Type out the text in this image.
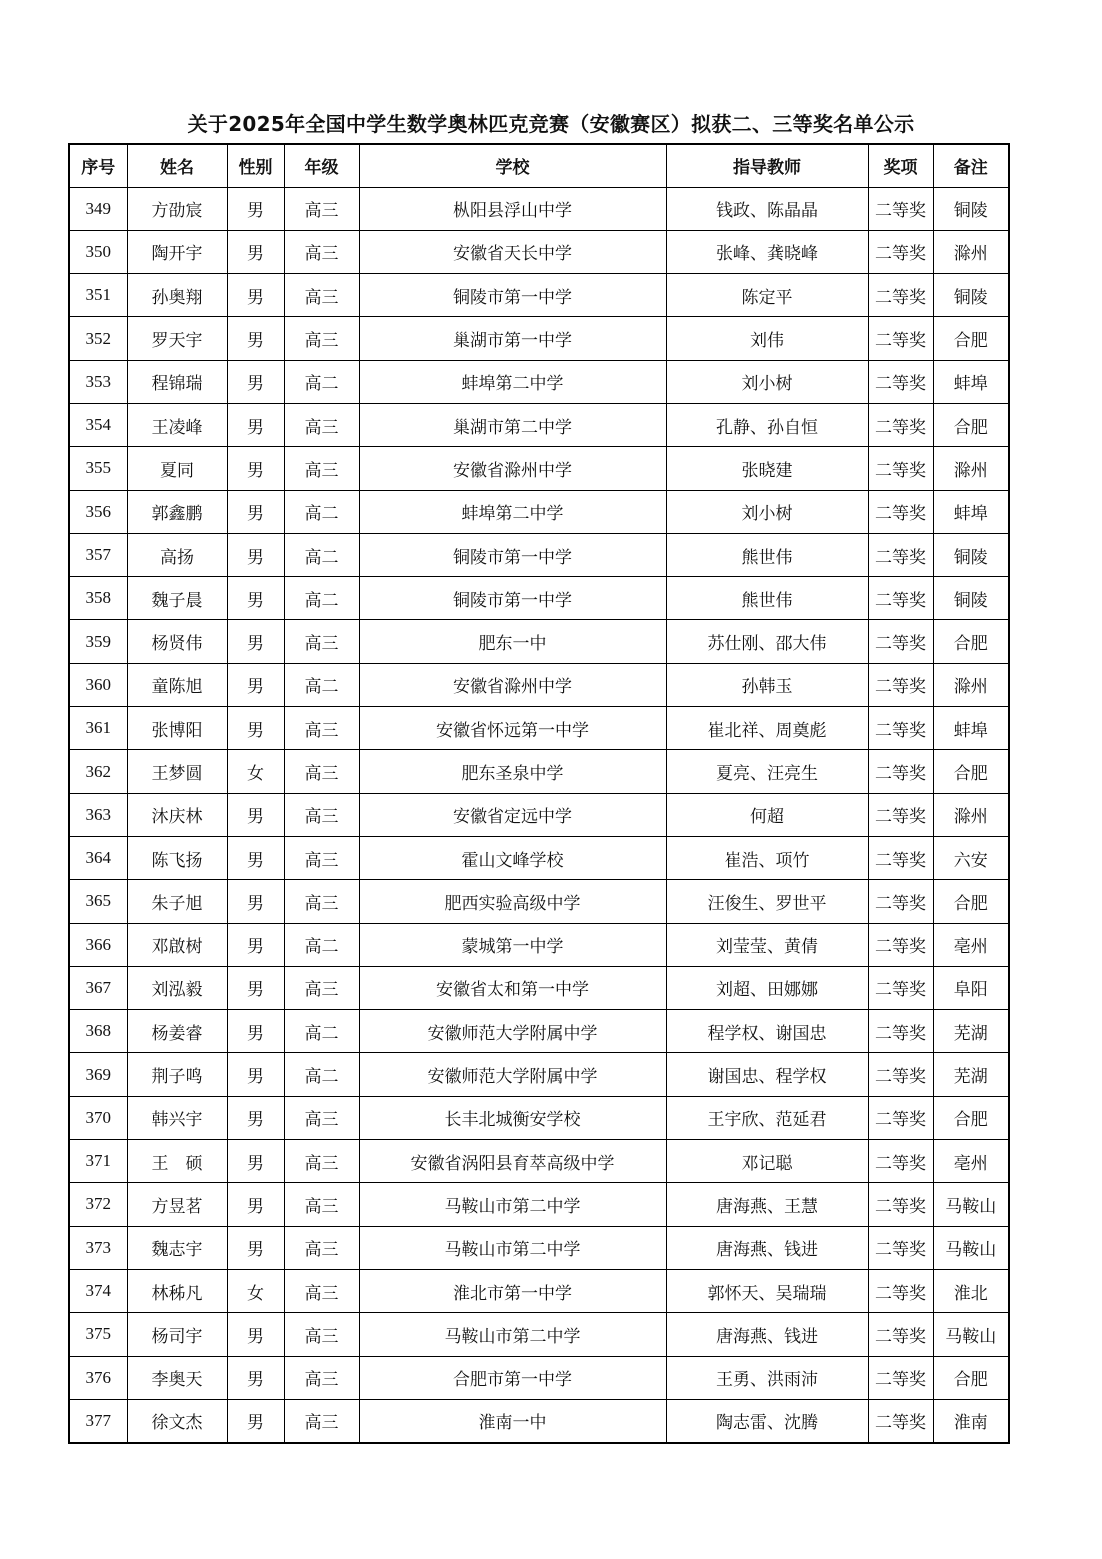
关于2025年全国中学生数学奥林匹克竞赛（安徽赛区）拟获二、三等奖名单公示
序号	姓名	性别	年级	学校	指导教师	奖项	备注
349	方劭宸	男	高三	枞阳县浮山中学	钱政、陈晶晶	二等奖	铜陵
350	陶开宇	男	高三	安徽省天长中学	张峰、龚晓峰	二等奖	滁州
351	孙奥翔	男	高三	铜陵市第一中学	陈定平	二等奖	铜陵
352	罗天宇	男	高三	巢湖市第一中学	刘伟	二等奖	合肥
353	程锦瑞	男	高二	蚌埠第二中学	刘小树	二等奖	蚌埠
354	王凌峰	男	高三	巢湖市第二中学	孔静、孙自恒	二等奖	合肥
355	夏同	男	高三	安徽省滁州中学	张晓建	二等奖	滁州
356	郭鑫鹏	男	高二	蚌埠第二中学	刘小树	二等奖	蚌埠
357	高扬	男	高二	铜陵市第一中学	熊世伟	二等奖	铜陵
358	魏子晨	男	高二	铜陵市第一中学	熊世伟	二等奖	铜陵
359	杨贤伟	男	高三	肥东一中	苏仕刚、邵大伟	二等奖	合肥
360	童陈旭	男	高二	安徽省滁州中学	孙韩玉	二等奖	滁州
361	张博阳	男	高三	安徽省怀远第一中学	崔北祥、周奠彪	二等奖	蚌埠
362	王梦圆	女	高三	肥东圣泉中学	夏亮、汪亮生	二等奖	合肥
363	沐庆林	男	高三	安徽省定远中学	何超	二等奖	滁州
364	陈飞扬	男	高三	霍山文峰学校	崔浩、项竹	二等奖	六安
365	朱子旭	男	高三	肥西实验高级中学	汪俊生、罗世平	二等奖	合肥
366	邓啟树	男	高二	蒙城第一中学	刘莹莹、黄倩	二等奖	亳州
367	刘泓毅	男	高三	安徽省太和第一中学	刘超、田娜娜	二等奖	阜阳
368	杨姜睿	男	高二	安徽师范大学附属中学	程学权、谢国忠	二等奖	芜湖
369	荆子鸣	男	高二	安徽师范大学附属中学	谢国忠、程学权	二等奖	芜湖
370	韩兴宇	男	高三	长丰北城衡安学校	王宇欣、范延君	二等奖	合肥
371	王　硕	男	高三	安徽省涡阳县育萃高级中学	邓记聪	二等奖	亳州
372	方昱茗	男	高三	马鞍山市第二中学	唐海燕、王慧	二等奖	马鞍山
373	魏志宇	男	高三	马鞍山市第二中学	唐海燕、钱进	二等奖	马鞍山
374	林秭凡	女	高三	淮北市第一中学	郭怀天、吴瑞瑞	二等奖	淮北
375	杨司宇	男	高三	马鞍山市第二中学	唐海燕、钱进	二等奖	马鞍山
376	李奥天	男	高三	合肥市第一中学	王勇、洪雨沛	二等奖	合肥
377	徐文杰	男	高三	淮南一中	陶志雷、沈腾	二等奖	淮南
